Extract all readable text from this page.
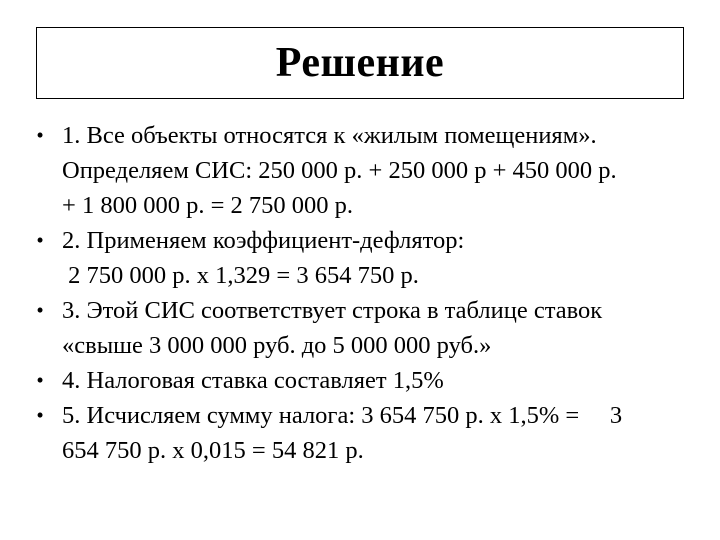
Решение
• 1. Все объекты относятся к «жилым помещениям».
Определяем СИС: 250 000 р. + 250 000 р + 450 000 р.
+ 1 800 000 р. = 2 750 000 р.
• 2. Применяем коэффициент-дефлятор:
2 750 000 р. х 1,329 = 3 654 750 р.
• 3. Этой СИС соответствует строка в таблице ставок
«свыше 3 000 000 руб. до 5 000 000 руб.»
• 4. Налоговая ставка составляет 1,5%
• 5. Исчисляем сумму налога: 3 654 750 р. х 1,5% =     3
654 750 р. х 0,015 = 54 821 р.
